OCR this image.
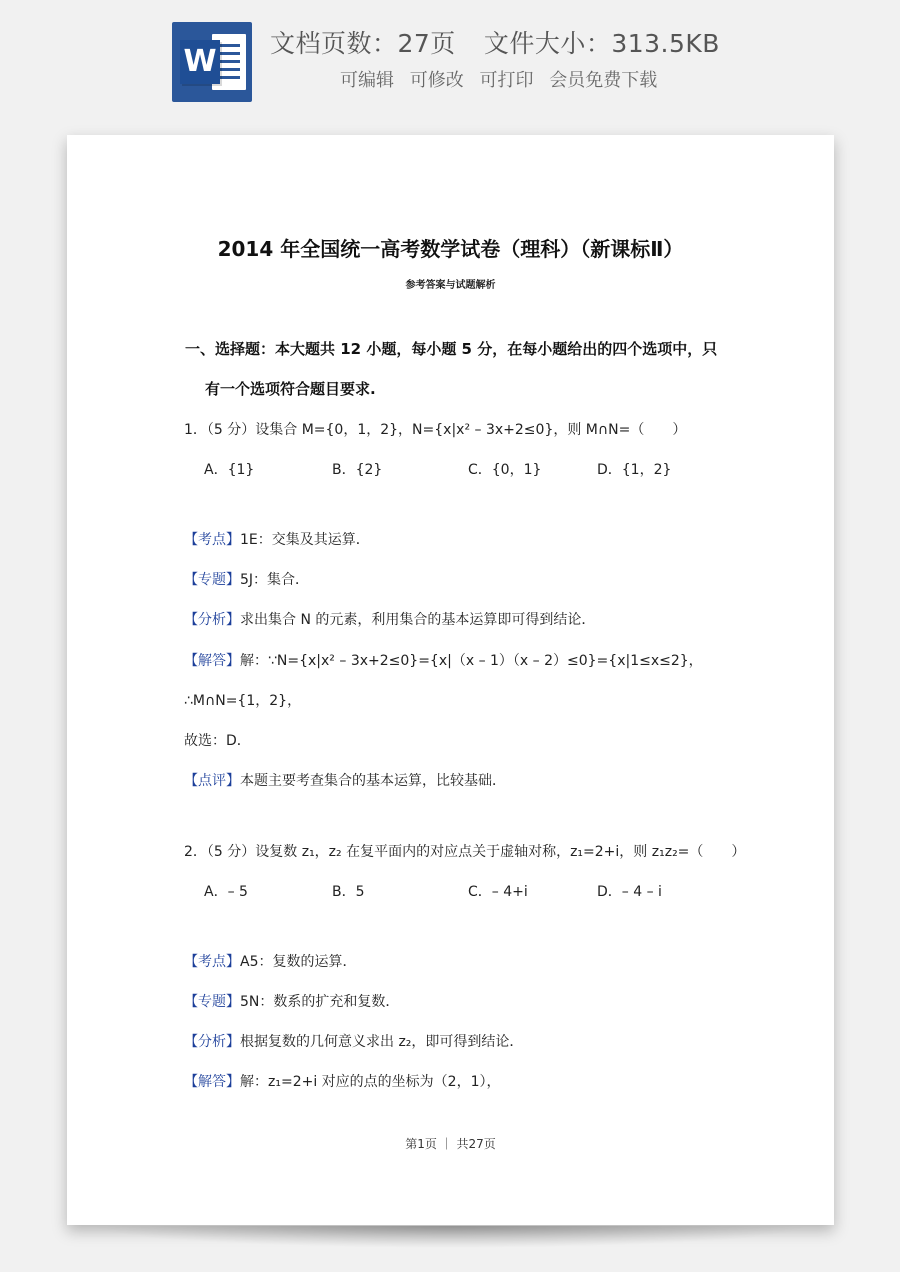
W
文档页数：27页 文件大小：313.5KB
可编辑 可修改 可打印 会员免费下载
2014 年全国统一高考数学试卷（理科）（新课标Ⅱ）
参考答案与试题解析
一、选择题：本大题共 12 小题，每小题 5 分，在每小题给出的四个选项中，只
有一个选项符合题目要求.
1．（5 分）设集合 M={0，1，2}，N={x|x² – 3x+2≤0}，则 M∩N=（　　）
A．{1}	B．{2}	C．{0，1}	D．{1，2}
【考点】1E：交集及其运算．
【专题】5J：集合．
【分析】求出集合 N 的元素，利用集合的基本运算即可得到结论．
【解答】解：∵N={x|x² – 3x+2≤0}={x|（x – 1）（x – 2）≤0}={x|1≤x≤2}，
∴M∩N={1，2}，
故选：D．
【点评】本题主要考查集合的基本运算，比较基础．
2．（5 分）设复数 z₁，z₂ 在复平面内的对应点关于虚轴对称，z₁=2+i，则 z₁z₂=（　　）
A．– 5	B．5	C．– 4+i	D．– 4 – i
【考点】A5：复数的运算．
【专题】5N：数系的扩充和复数．
【分析】根据复数的几何意义求出 z₂，即可得到结论．
【解答】解：z₁=2+i 对应的点的坐标为（2，1），
第1页 ｜ 共27页
